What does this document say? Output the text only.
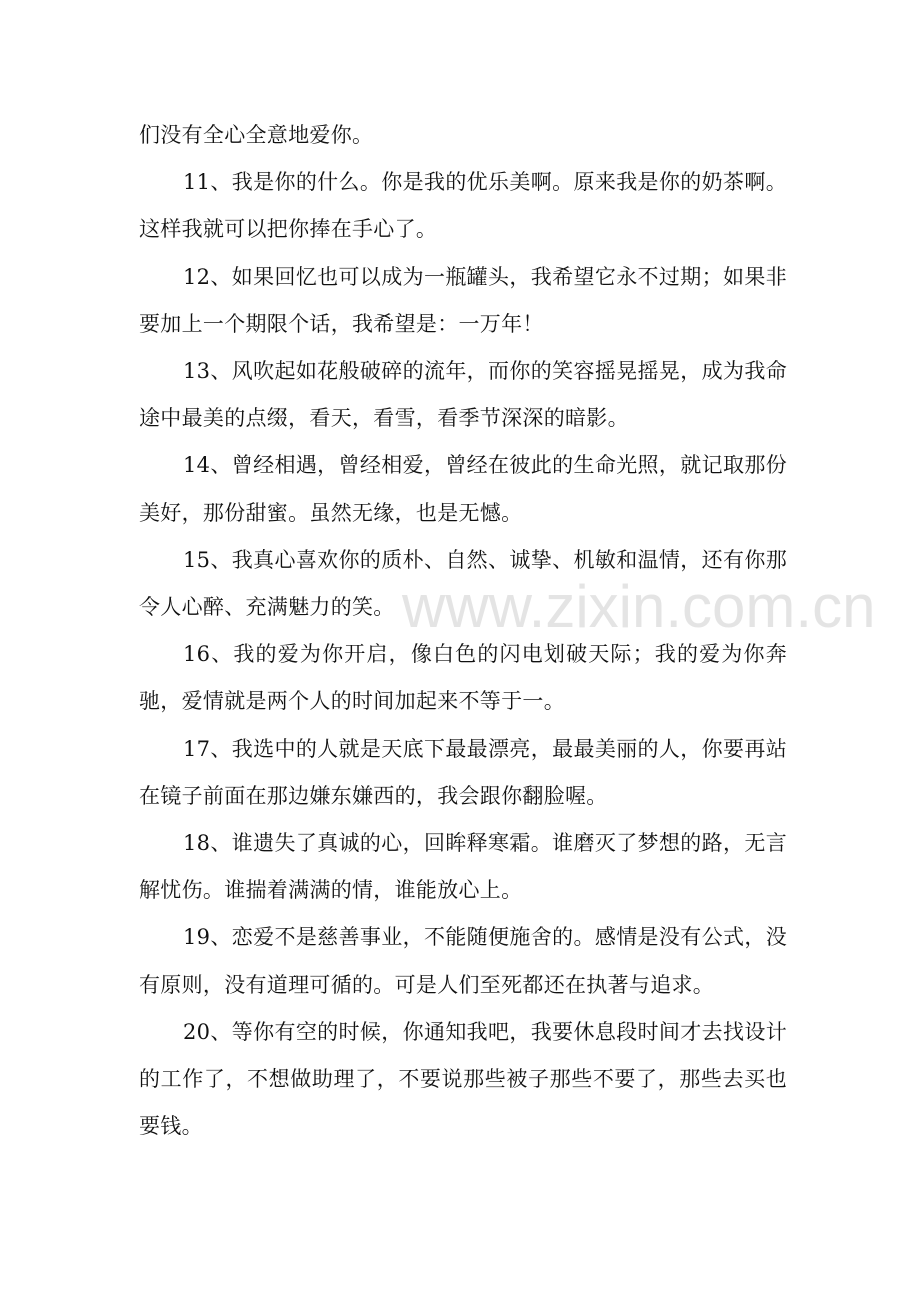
们没有全心全意地爱你。

11、我是你的什么。你是我的优乐美啊。原来我是你的奶茶啊。这样我就可以把你捧在手心了。

12、如果回忆也可以成为一瓶罐头，我希望它永不过期；如果非要加上一个期限个话，我希望是：一万年！

13、风吹起如花般破碎的流年，而你的笑容摇晃摇晃，成为我命途中最美的点缀，看天，看雪，看季节深深的暗影。

14、曾经相遇，曾经相爱，曾经在彼此的生命光照，就记取那份美好，那份甜蜜。虽然无缘，也是无憾。

15、我真心喜欢你的质朴、自然、诚挚、机敏和温情，还有你那令人心醉、充满魅力的笑。

16、我的爱为你开启，像白色的闪电划破天际；我的爱为你奔驰，爱情就是两个人的时间加起来不等于一。

17、我选中的人就是天底下最最漂亮，最最美丽的人，你要再站在镜子前面在那边嫌东嫌西的，我会跟你翻脸喔。

18、谁遗失了真诚的心，回眸释寒霜。谁磨灭了梦想的路，无言解忧伤。谁揣着满满的情，谁能放心上。

19、恋爱不是慈善事业，不能随便施舍的。感情是没有公式，没有原则，没有道理可循的。可是人们至死都还在执著与追求。

20、等你有空的时候，你通知我吧，我要休息段时间才去找设计的工作了，不想做助理了，不要说那些被子那些不要了，那些去买也要钱。

www.zixin.com.cn
